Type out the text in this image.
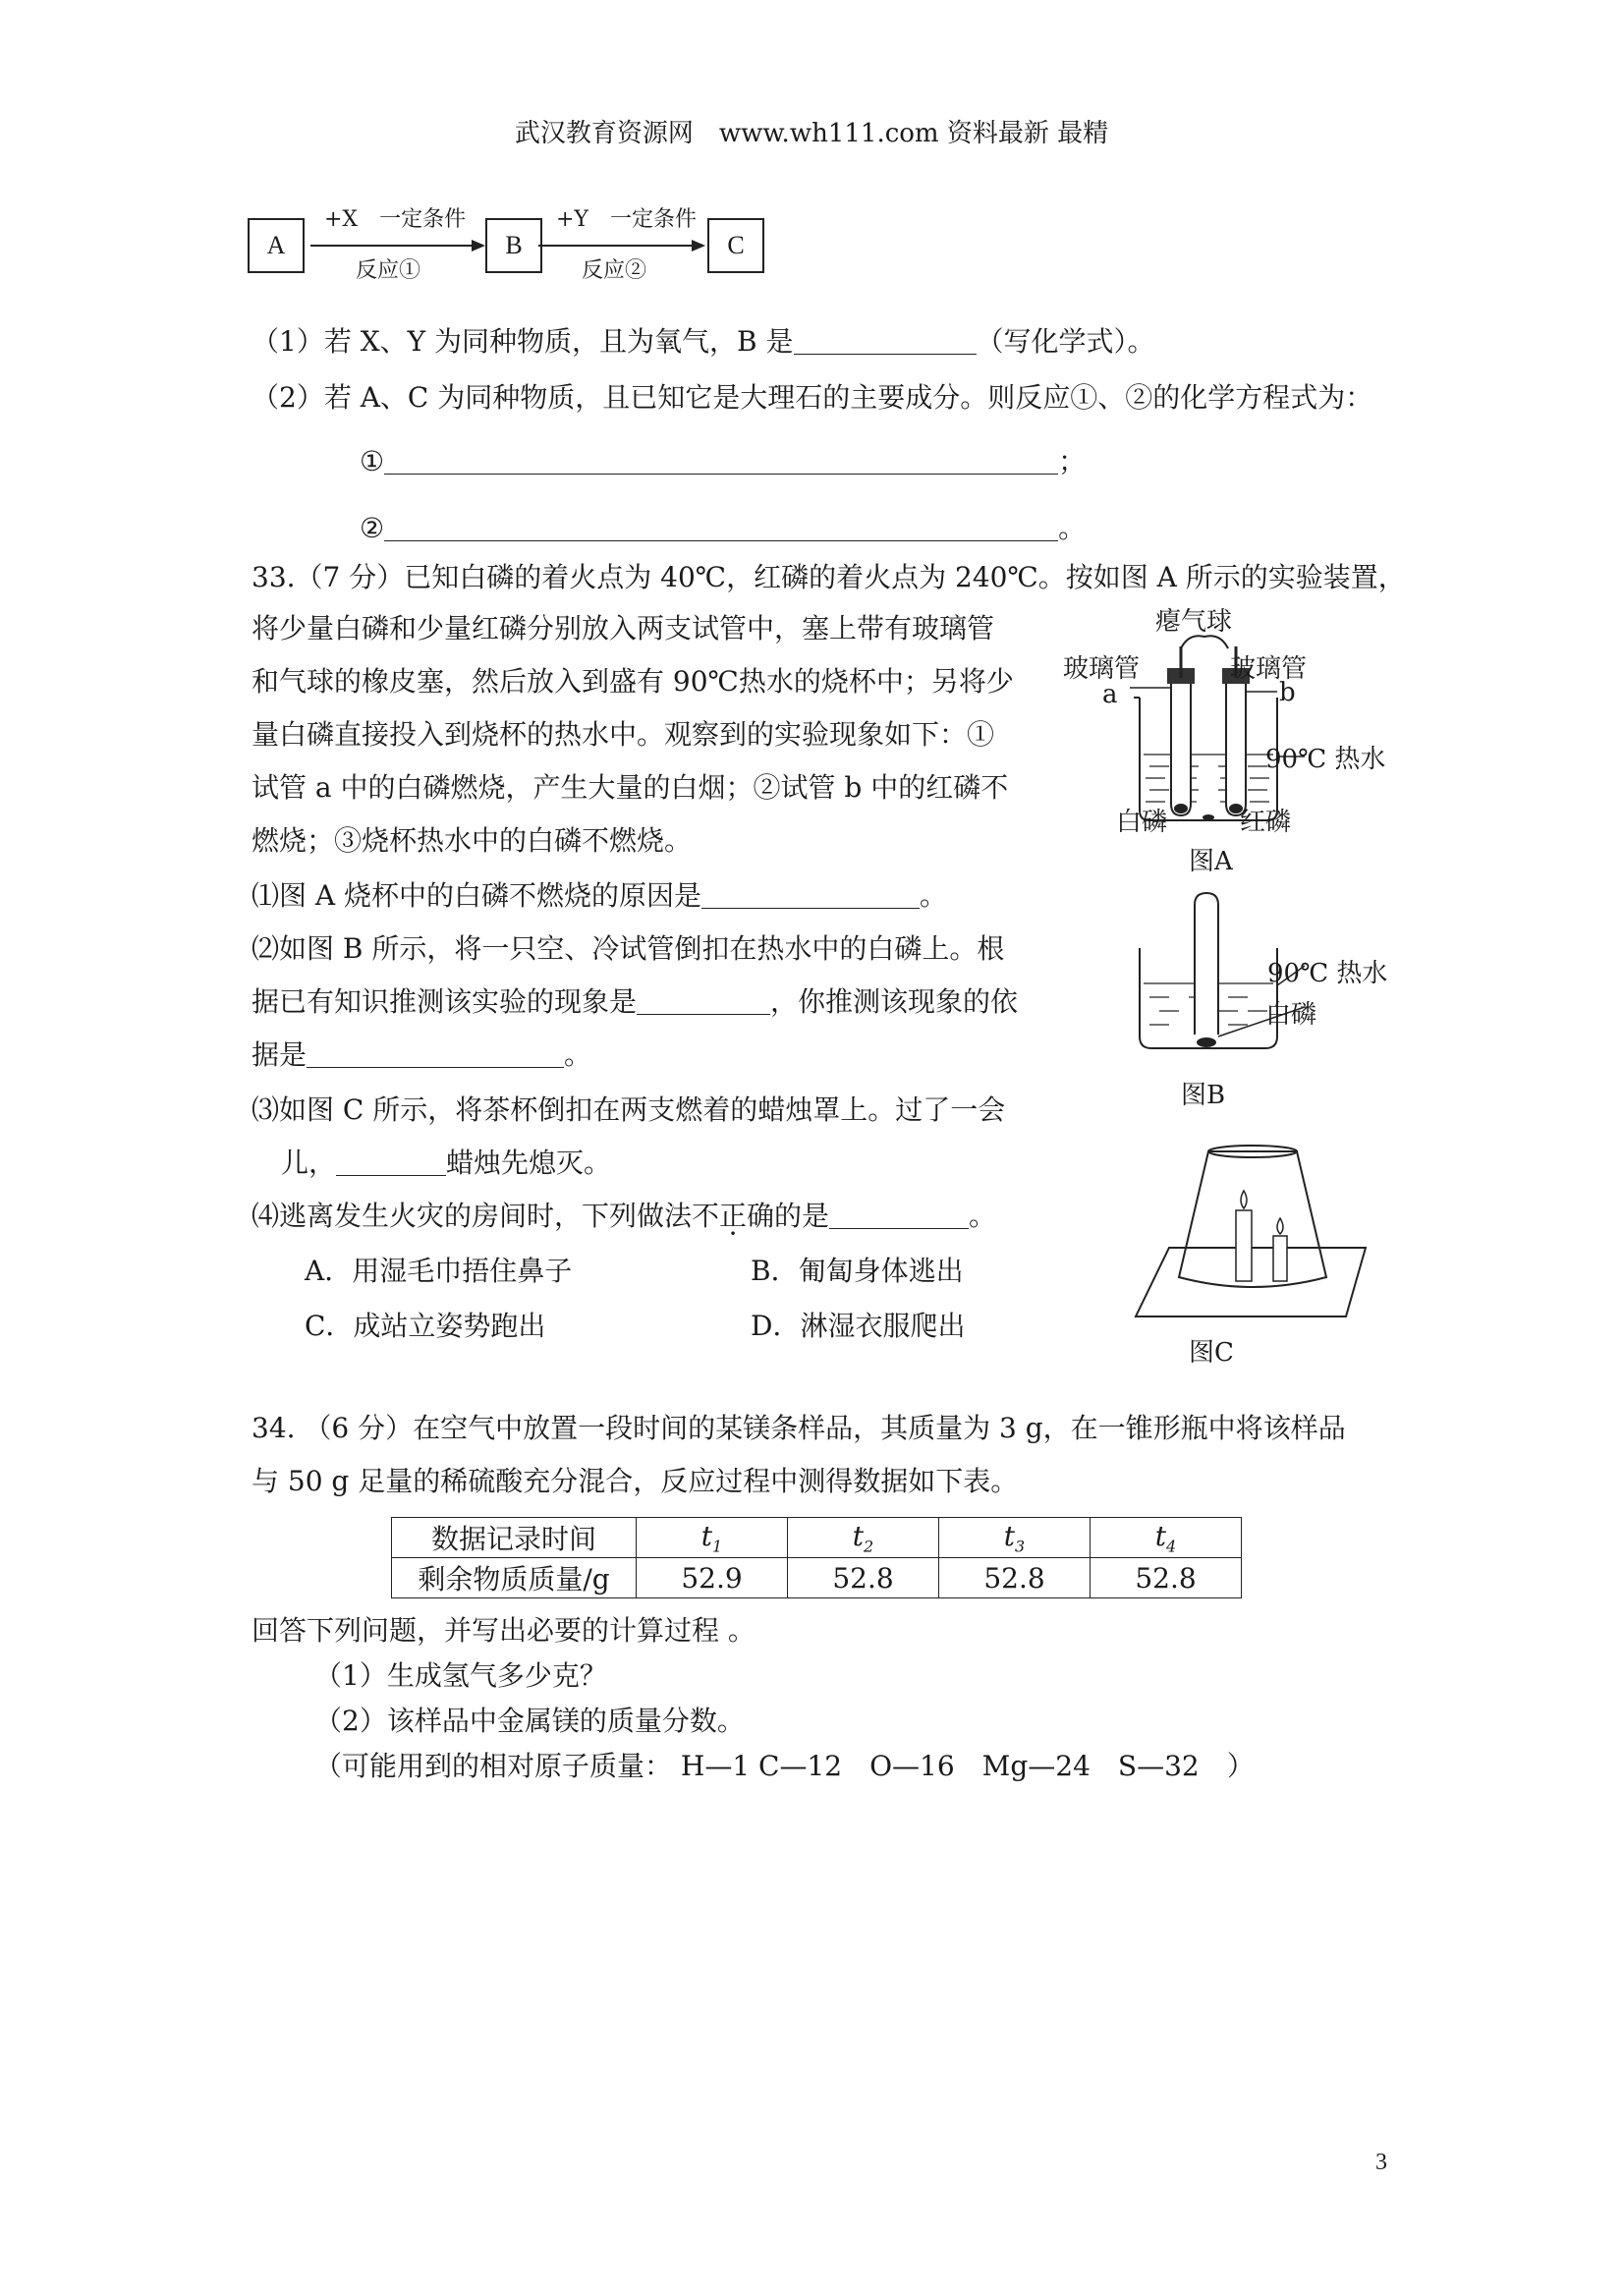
武汉教育资源网　www.wh111.com 资料最新 最精
A	B	C
+X　一定条件
反应①
+Y　一定条件
反应②
（1）若 X、Y 为同种物质，且为氧气，B 是	（写化学式）。
（2）若 A、C 为同种物质，且已知它是大理石的主要成分。则反应①、②的化学方程式为：
①	；
②	。
33.（7 分）已知白磷的着火点为 40℃，红磷的着火点为 240℃。按如图 A 所示的实验装置，
将少量白磷和少量红磷分别放入两支试管中，塞上带有玻璃管
和气球的橡皮塞，然后放入到盛有 90℃热水的烧杯中；另将少
量白磷直接投入到烧杯的热水中。观察到的实验现象如下：①
试管 a 中的白磷燃烧，产生大量的白烟；②试管 b 中的红磷不
燃烧；③烧杯热水中的白磷不燃烧。
⑴图 A 烧杯中的白磷不燃烧的原因是	。
⑵如图 B 所示，将一只空、冷试管倒扣在热水中的白磷上。根
据已有知识推测该实验的现象是	，你推测该现象的依
据是	。
⑶如图 C 所示，将茶杯倒扣在两支燃着的蜡烛罩上。过了一会
儿，	蜡烛先熄灭。
⑷逃离发生火灾的房间时，下列做法不正确的是	。
A．用湿毛巾捂住鼻子	B．匍匐身体逃出
C．成站立姿势跑出	D．淋湿衣服爬出
瘪气球
玻璃管	玻璃管
a	b
90℃ 热水
白磷	红磷
图A
90℃ 热水
白磷
图B
图C
34. （6 分）在空气中放置一段时间的某镁条样品，其质量为 3 g，在一锥形瓶中将该样品
与 50 g 足量的稀硫酸充分混合，反应过程中测得数据如下表。
数据记录时间	$t_1$	$t_2$	$t_3$	$t_4$
剩余物质质量/g	52.9	52.8	52.8	52.8
回答下列问题，并写出必要的计算过程 。
（1）生成氢气多少克？
（2）该样品中金属镁的质量分数。
（可能用到的相对原子质量： H—1 C—12　O—16　Mg—24　S—32　）
3
